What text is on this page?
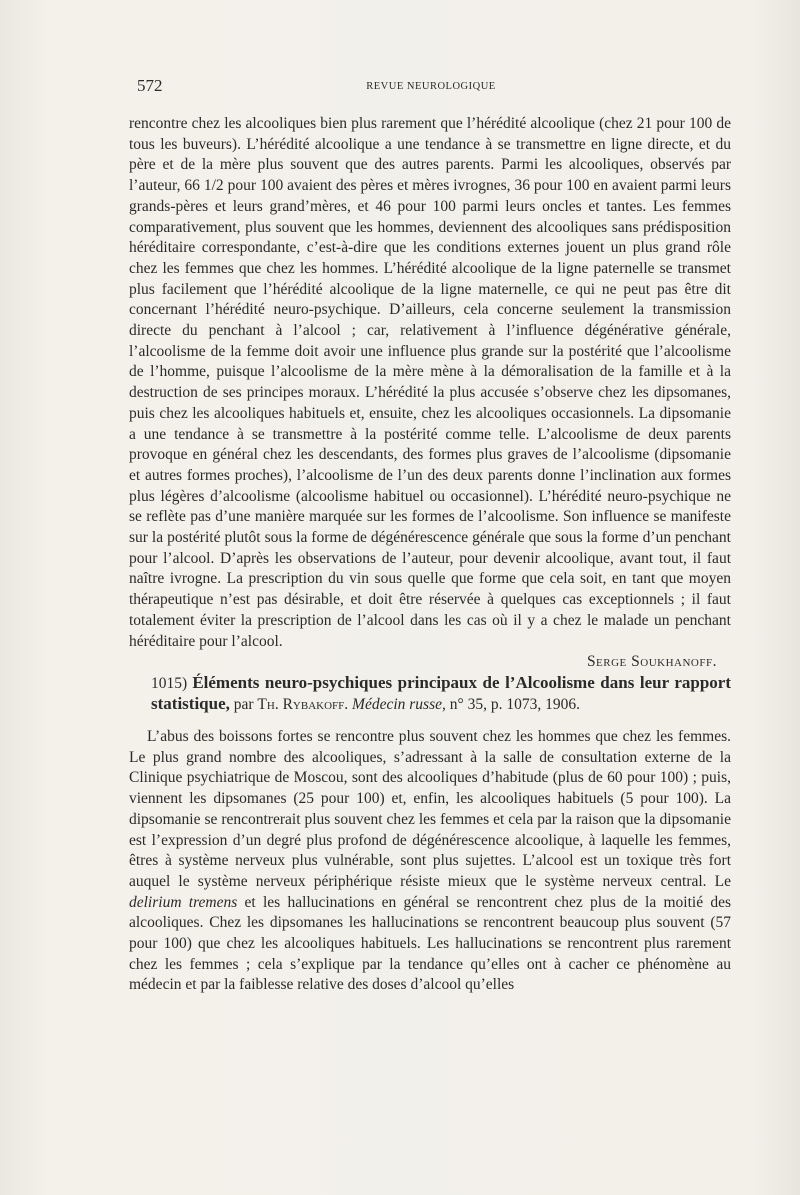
572	REVUE NEUROLOGIQUE

rencontre chez les alcooliques bien plus rarement que l’hérédité alcoolique (chez 21 pour 100 de tous les buveurs). L’hérédité alcoolique a une tendance à se transmettre en ligne directe, et du père et de la mère plus souvent que des autres parents. Parmi les alcooliques, observés par l’auteur, 66 1/2 pour 100 avaient des pères et mères ivrognes, 36 pour 100 en avaient parmi leurs grands-pères et leurs grand’mères, et 46 pour 100 parmi leurs oncles et tantes. Les femmes comparativement, plus souvent que les hommes, deviennent des alcooliques sans prédisposition héréditaire correspondante, c’est-à-dire que les conditions externes jouent un plus grand rôle chez les femmes que chez les hommes. L’hérédité alcoolique de la ligne paternelle se transmet plus facilement que l’hérédité alcoolique de la ligne maternelle, ce qui ne peut pas être dit concernant l’hérédité neuro-psychique. D’ailleurs, cela concerne seulement la transmission directe du penchant à l’alcool ; car, relativement à l’influence dégénérative générale, l’alcoolisme de la femme doit avoir une influence plus grande sur la postérité que l’alcoolisme de l’homme, puisque l’alcoolisme de la mère mène à la démoralisation de la famille et à la destruction de ses principes moraux. L’hérédité la plus accusée s’observe chez les dipsomanes, puis chez les alcooliques habituels et, ensuite, chez les alcooliques occasionnels. La dipsomanie a une tendance à se transmettre à la postérité comme telle. L’alcoolisme de deux parents provoque en général chez les descendants, des formes plus graves de l’alcoolisme (dipsomanie et autres formes proches), l’alcoolisme de l’un des deux parents donne l’inclination aux formes plus légères d’alcoolisme (alcoolisme habituel ou occasionnel). L’hérédité neuro-psychique ne se reflète pas d’une manière marquée sur les formes de l’alcoolisme. Son influence se manifeste sur la postérité plutôt sous la forme de dégénérescence générale que sous la forme d’un penchant pour l’alcool. D’après les observations de l’auteur, pour devenir alcoolique, avant tout, il faut naître ivrogne. La prescription du vin sous quelle que forme que cela soit, en tant que moyen thérapeutique n’est pas désirable, et doit être réservée à quelques cas exceptionnels ; il faut totalement éviter la prescription de l’alcool dans les cas où il y a chez le malade un penchant héréditaire pour l’alcool.

Serge Soukhanoff.

1015) Éléments neuro-psychiques principaux de l’Alcoolisme dans leur rapport statistique, par Th. Rybakoff. Médecin russe, n° 35, p. 1073, 1906.

L’abus des boissons fortes se rencontre plus souvent chez les hommes que chez les femmes. Le plus grand nombre des alcooliques, s’adressant à la salle de consultation externe de la Clinique psychiatrique de Moscou, sont des alcooliques d’habitude (plus de 60 pour 100) ; puis, viennent les dipsomanes (25 pour 100) et, enfin, les alcooliques habituels (5 pour 100). La dipsomanie se rencontrerait plus souvent chez les femmes et cela par la raison que la dipsomanie est l’expression d’un degré plus profond de dégénérescence alcoolique, à laquelle les femmes, êtres à système nerveux plus vulnérable, sont plus sujettes. L’alcool est un toxique très fort auquel le système nerveux périphérique résiste mieux que le système nerveux central. Le delirium tremens et les hallucinations en général se rencontrent chez plus de la moitié des alcooliques. Chez les dipsomanes les hallucinations se rencontrent beaucoup plus souvent (57 pour 100) que chez les alcooliques habituels. Les hallucinations se rencontrent plus rarement chez les femmes ; cela s’explique par la tendance qu’elles ont à cacher ce phénomène au médecin et par la faiblesse relative des doses d’alcool qu’elles
